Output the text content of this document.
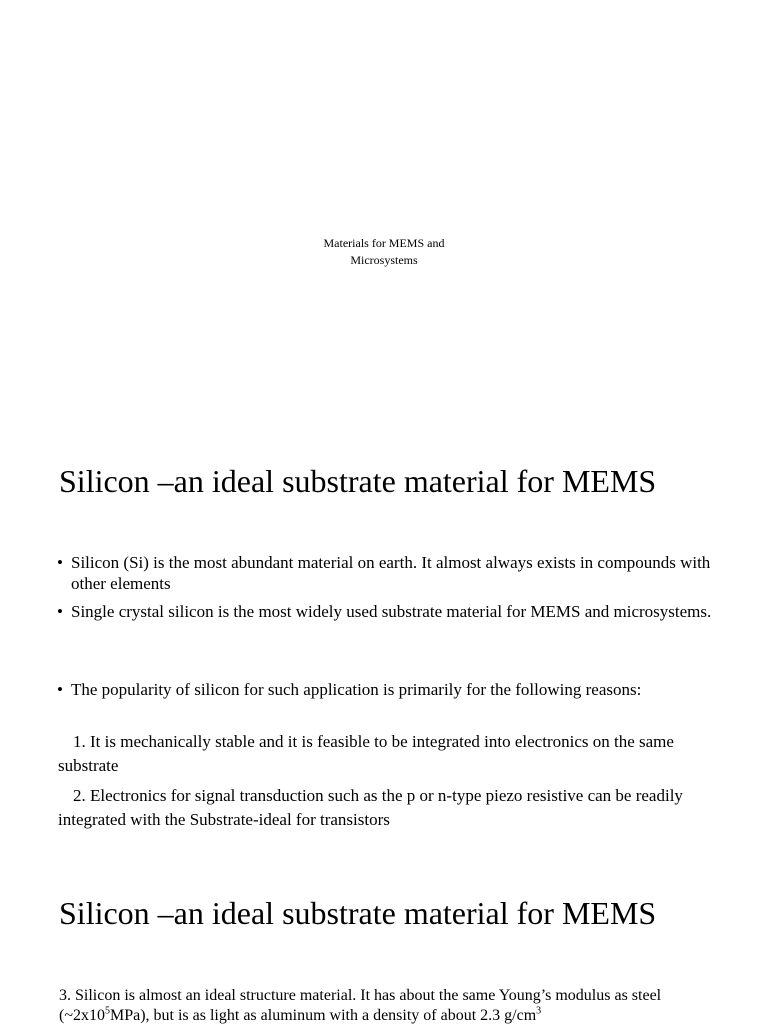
Materials for MEMS and
Microsystems
Silicon –an ideal substrate material for MEMS
• Silicon (Si) is the most abundant material on earth. It almost always exists in compounds with other elements
• Single crystal silicon is the most widely used substrate material for MEMS and microsystems.
• The popularity of silicon for such application is primarily for the following reasons:
1. It is mechanically stable and it is feasible to be integrated into electronics on the same substrate
2. Electronics for signal transduction such as the p or n-type piezo resistive can be readily integrated with the Substrate-ideal for transistors
Silicon –an ideal substrate material for MEMS
3. Silicon is almost an ideal structure material. It has about the same Young’s modulus as steel $(\sim 2x10^5MPa)$, but is as light as aluminum with a density of about 2.3 $g/cm^3$
